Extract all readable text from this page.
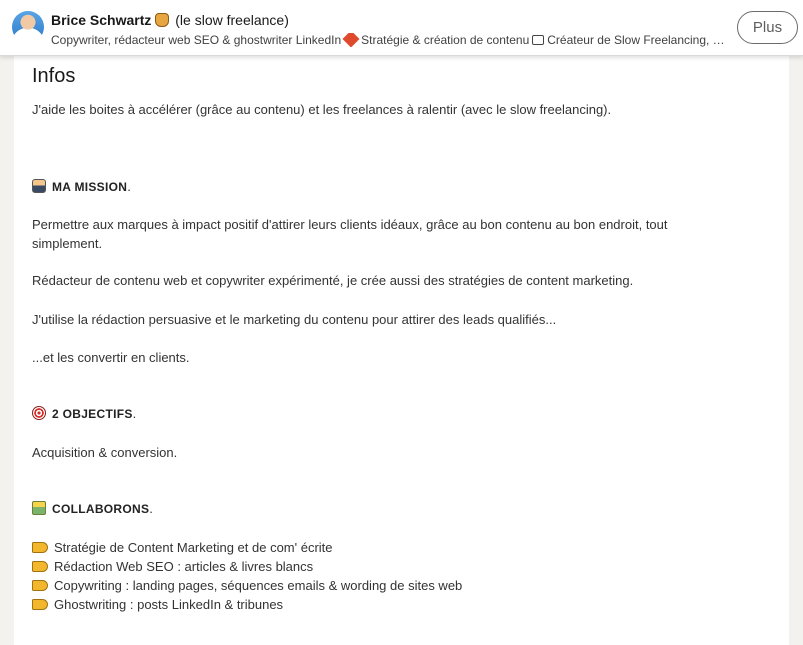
Brice Schwartz (le slow freelance)
Copywriter, rédacteur web SEO & ghostwriter LinkedIn Stratégie & création de contenu Créateur de Slow Freelancing, …
Plus
Infos
J'aide les boites à accélérer (grâce au contenu) et les freelances à ralentir (avec le slow freelancing).
MA MISSION.
Permettre aux marques à impact positif d'attirer leurs clients idéaux, grâce au bon contenu au bon endroit, tout simplement.
Rédacteur de contenu web et copywriter expérimenté, je crée aussi des stratégies de content marketing.
J'utilise la rédaction persuasive et le marketing du contenu pour attirer des leads qualifiés...
...et les convertir en clients.
2 OBJECTIFS.
Acquisition & conversion.
COLLABORONS.
Stratégie de Content Marketing et de com' écrite
Rédaction Web SEO : articles & livres blancs
Copywriting : landing pages, séquences emails & wording de sites web
Ghostwriting : posts LinkedIn & tribunes
